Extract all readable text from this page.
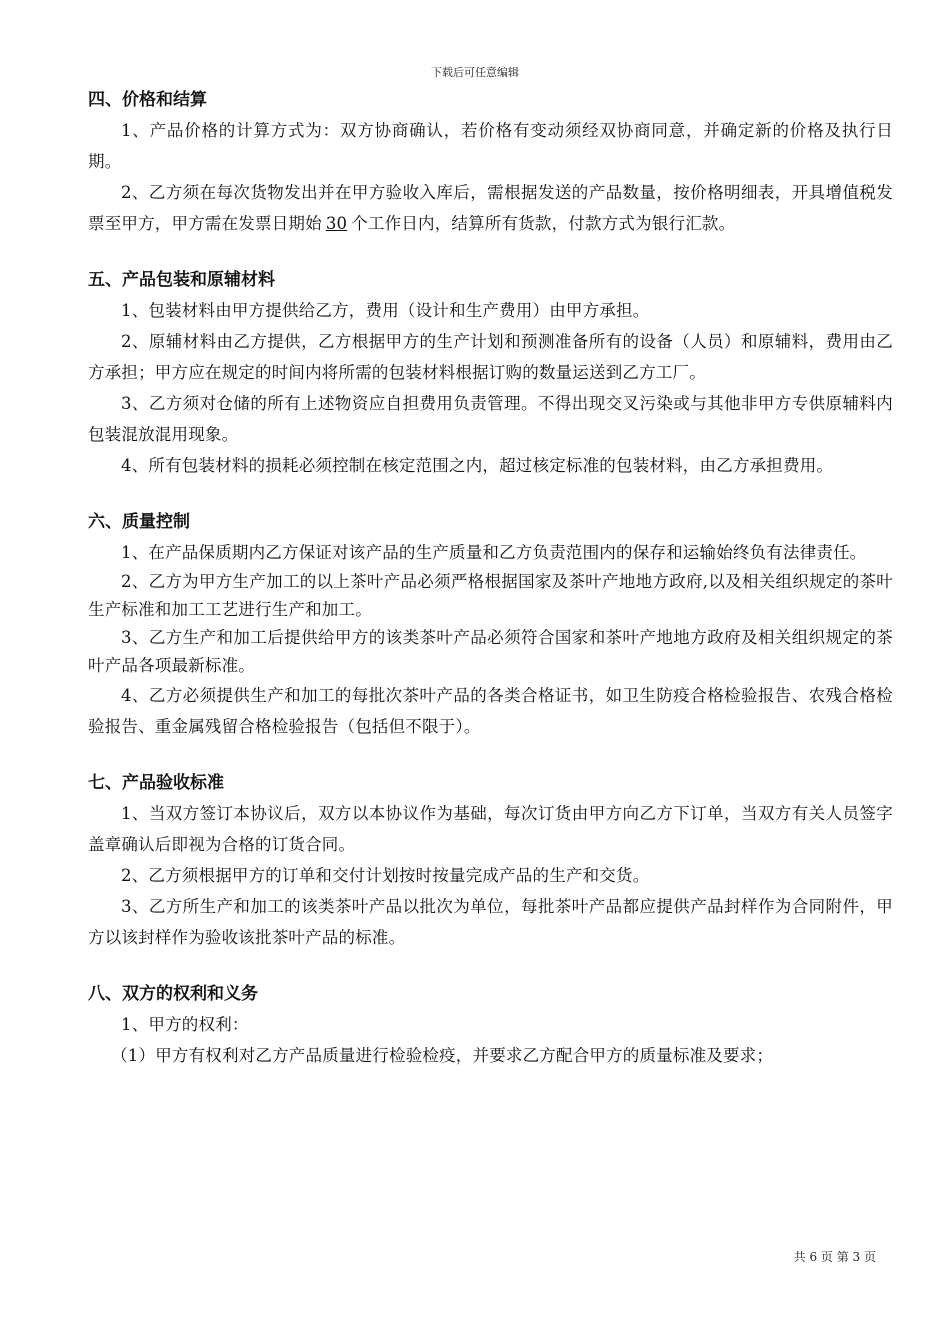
下载后可任意编辑
四、价格和结算

1、产品价格的计算方式为：双方协商确认，若价格有变动须经双协商同意，并确定新的价格及执行日期。

2、乙方须在每次货物发出并在甲方验收入库后，需根据发送的产品数量，按价格明细表，开具增值税发票至甲方，甲方需在发票日期始 30 个工作日内，结算所有货款，付款方式为银行汇款。

五、产品包装和原辅材料

1、包装材料由甲方提供给乙方，费用（设计和生产费用）由甲方承担。

2、原辅材料由乙方提供，乙方根据甲方的生产计划和预测准备所有的设备（人员）和原辅料，费用由乙方承担；甲方应在规定的时间内将所需的包装材料根据订购的数量运送到乙方工厂。

3、乙方须对仓储的所有上述物资应自担费用负责管理。不得出现交叉污染或与其他非甲方专供原辅料内包装混放混用现象。

4、所有包装材料的损耗必须控制在核定范围之内，超过核定标准的包装材料，由乙方承担费用。

六、质量控制

1、在产品保质期内乙方保证对该产品的生产质量和乙方负责范围内的保存和运输始终负有法律责任。

2、乙方为甲方生产加工的以上茶叶产品必须严格根据国家及茶叶产地地方政府,以及相关组织规定的茶叶生产标准和加工工艺进行生产和加工。

3、乙方生产和加工后提供给甲方的该类茶叶产品必须符合国家和茶叶产地地方政府及相关组织规定的茶叶产品各项最新标准。

4、乙方必须提供生产和加工的每批次茶叶产品的各类合格证书，如卫生防疫合格检验报告、农残合格检验报告、重金属残留合格检验报告（包括但不限于）。

七、产品验收标准

1、当双方签订本协议后，双方以本协议作为基础，每次订货由甲方向乙方下订单，当双方有关人员签字盖章确认后即视为合格的订货合同。

2、乙方须根据甲方的订单和交付计划按时按量完成产品的生产和交货。

3、乙方所生产和加工的该类茶叶产品以批次为单位，每批茶叶产品都应提供产品封样作为合同附件，甲方以该封样作为验收该批茶叶产品的标准。

八、双方的权利和义务

1、甲方的权利：

（1）甲方有权利对乙方产品质量进行检验检疫，并要求乙方配合甲方的质量标准及要求；

共 6 页 第 3 页
